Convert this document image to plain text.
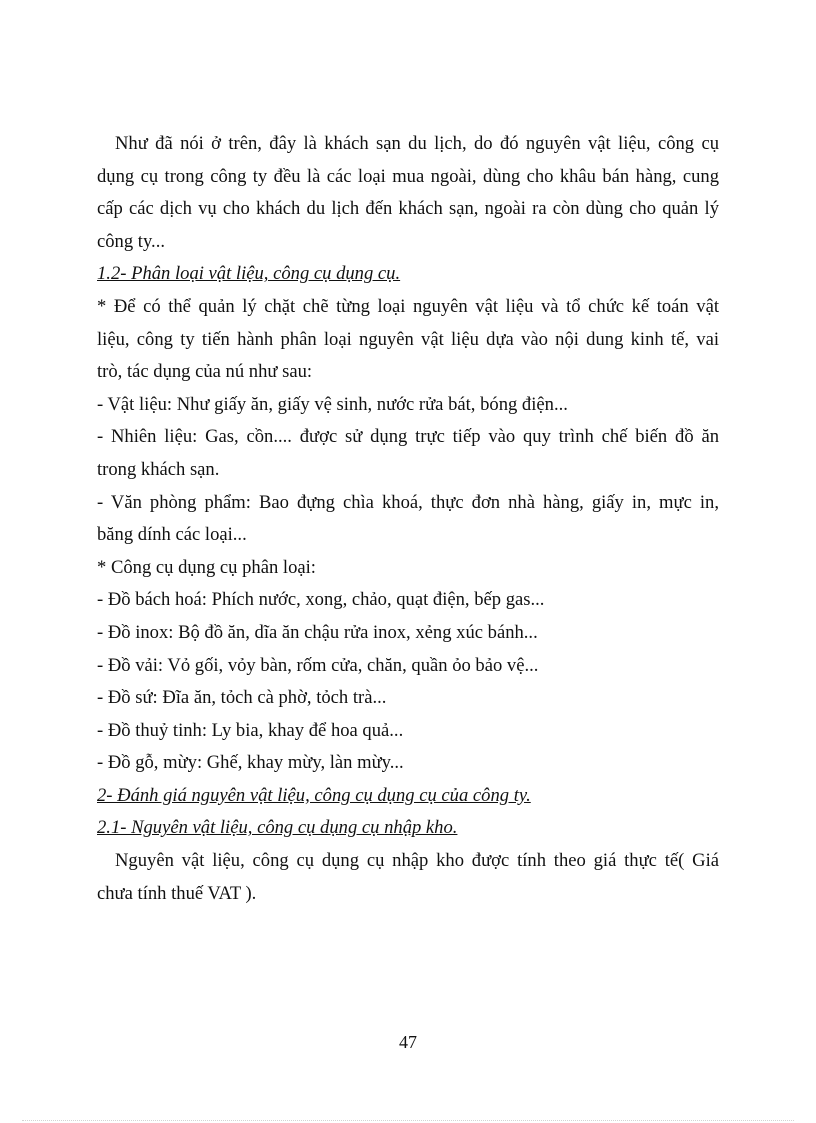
Như đã nói ở trên, đây là khách sạn du lịch, do đó nguyên vật liệu, công cụ
dụng cụ trong công ty đều là các loại mua ngoài, dùng cho khâu bán hàng, cung
cấp các dịch vụ cho khách du lịch đến khách sạn, ngoài ra còn dùng cho quản lý
công ty...
1.2- Phân loại vật liệu, công cụ dụng cụ.
* Để có thể quản lý chặt chẽ từng loại nguyên vật liệu và tổ chức kế toán vật
liệu, công ty tiến hành phân loại nguyên vật liệu dựa vào nội dung kinh tế, vai
trò, tác dụng của nú như sau:
- Vật liệu: Như giấy ăn, giấy vệ sinh, nước rửa bát, bóng điện...
- Nhiên liệu: Gas, cồn.... được sử dụng trực tiếp vào quy trình chế biến đồ ăn
trong khách sạn.
- Văn phòng phẩm: Bao đựng chìa khoá, thực đơn nhà hàng, giấy in, mực in,
băng dính các loại...
* Công cụ dụng cụ phân loại:
- Đồ bách hoá: Phích nước, xong, chảo, quạt điện, bếp gas...
- Đồ inox: Bộ đồ ăn, dĩa ăn chậu rửa inox, xẻng xúc bánh...
- Đồ vải: Vỏ gối, vỏy bàn, rốm cửa, chăn, quần ỏo bảo vệ...
- Đồ sứ: Đĩa ăn, tỏch cà phờ, tỏch trà...
- Đồ thuỷ tinh: Ly bia, khay để hoa quả...
- Đồ gỗ, mừy: Ghế, khay mừy, làn mừy...
2- Đánh giá nguyên vật liệu, công cụ dụng cụ của công ty.
2.1- Nguyên vật liệu, công cụ dụng cụ nhập kho.
Nguyên vật liệu, công cụ dụng cụ nhập kho được tính theo giá thực tế( Giá
chưa tính thuế VAT ).
47
